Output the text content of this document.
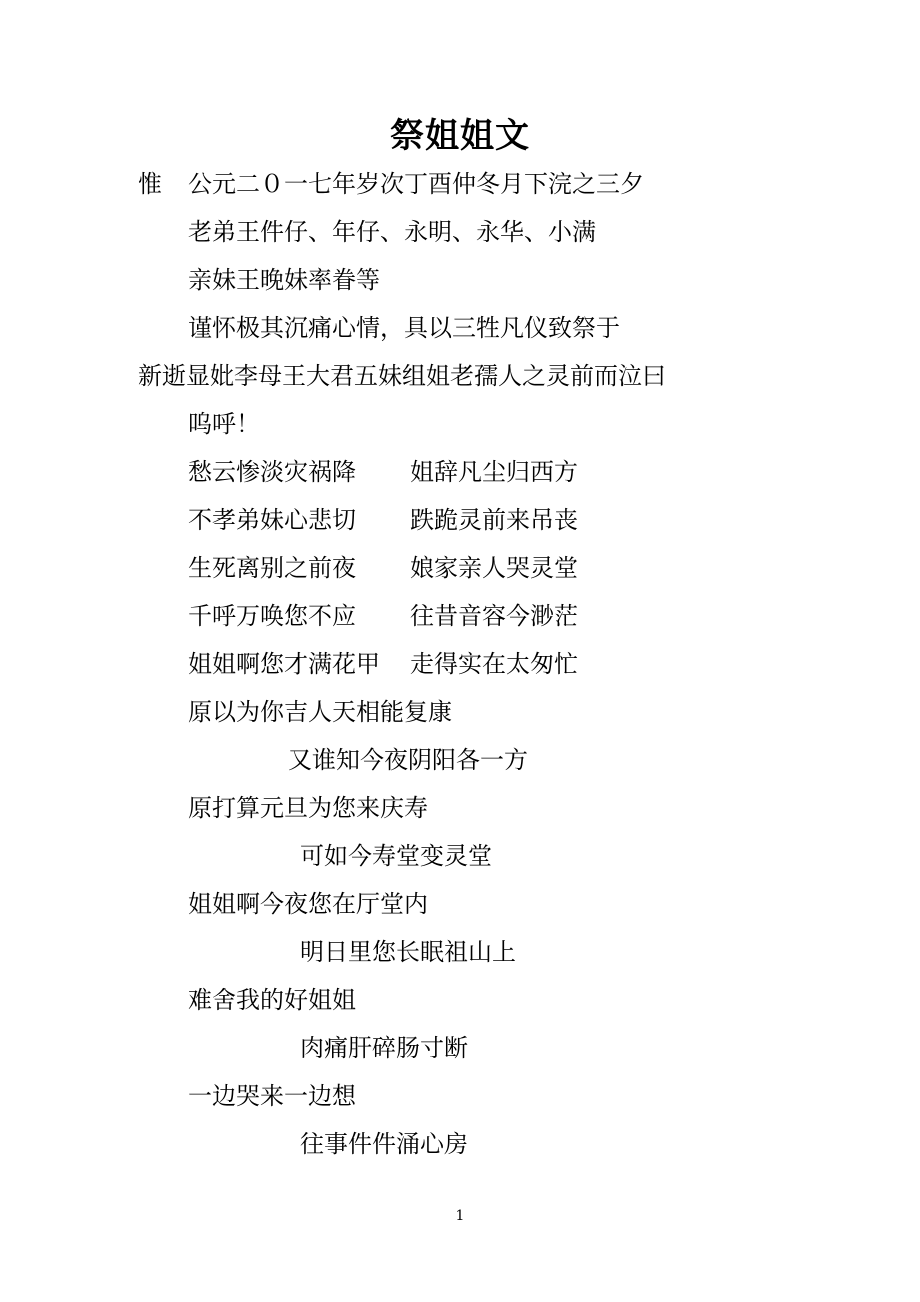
祭姐姐文
惟 公元二０一七年岁次丁酉仲冬月下浣之三夕
老弟王件仔、年仔、永明、永华、小满
亲妹王晚妹率眷等
谨怀极其沉痛心情，具以三牲凡仪致祭于
新逝显妣李母王大君五妹组姐老孺人之灵前而泣曰
呜呼！
愁云惨淡灾祸降 姐辞凡尘归西方
不孝弟妹心悲切 跌跪灵前来吊丧
生死离别之前夜 娘家亲人哭灵堂
千呼万唤您不应 往昔音容今渺茫
姐姐啊您才满花甲 走得实在太匆忙
原以为你吉人天相能复康
又谁知今夜阴阳各一方
原打算元旦为您来庆寿
可如今寿堂变灵堂
姐姐啊今夜您在厅堂内
明日里您长眠祖山上
难舍我的好姐姐
肉痛肝碎肠寸断
一边哭来一边想
往事件件涌心房
1
